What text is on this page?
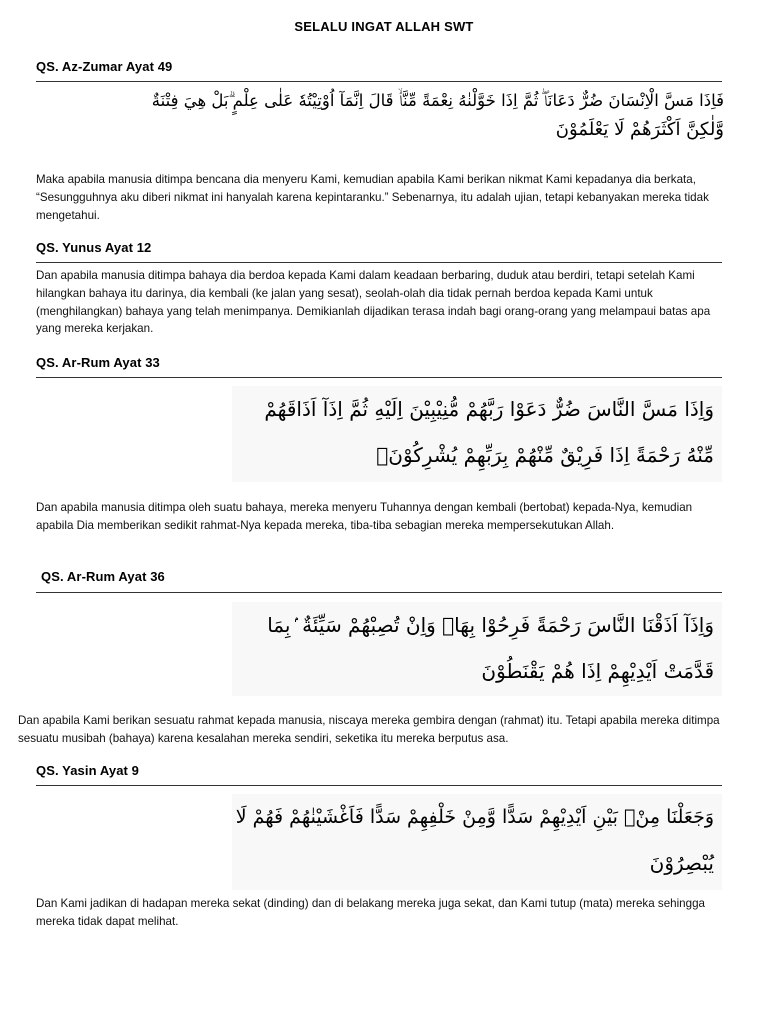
SELALU INGAT ALLAH SWT
QS. Az-Zumar Ayat 49
فَاِذَا مَسَّ الْاِنْسَانَ ضُرٌّ دَعَانَاۖ ثُمَّ اِذَا خَوَّلْنٰهُ نِعْمَةً مِّنَّاۙ قَالَ اِنَّمَآ اُوْتِيْتُهٗ عَلٰى عِلْمٍ ۗبَلْ هِيَ فِتْنَةٌ
وَّلٰكِنَّ اَكْثَرَهُمْ لَا يَعْلَمُوْنَ
Maka apabila manusia ditimpa bencana dia menyeru Kami, kemudian apabila Kami berikan nikmat Kami kepadanya dia berkata, “Sesungguhnya aku diberi nikmat ini hanyalah karena kepintaranku.” Sebenarnya, itu adalah ujian, tetapi kebanyakan mereka tidak mengetahui.
QS. Yunus Ayat 12
Dan apabila manusia ditimpa bahaya dia berdoa kepada Kami dalam keadaan berbaring, duduk atau berdiri, tetapi setelah Kami hilangkan bahaya itu darinya, dia kembali (ke jalan yang sesat), seolah-olah dia tidak pernah berdoa kepada Kami untuk (menghilangkan) bahaya yang telah menimpanya. Demikianlah dijadikan terasa indah bagi orang-orang yang melampaui batas apa yang mereka kerjakan.
QS. Ar-Rum Ayat 33
وَاِذَا مَسَّ النَّاسَ ضُرٌّ دَعَوْا رَبَّهُمْ مُّنِيْبِيْنَ اِلَيْهِ ثُمَّ اِذَآ اَذَاقَهُمْ
مِّنْهُ رَحْمَةً اِذَا فَرِيْقٌ مِّنْهُمْ بِرَبِّهِمْ يُشْرِكُوْنَۙ
Dan apabila manusia ditimpa oleh suatu bahaya, mereka menyeru Tuhannya dengan kembali (bertobat) kepada-Nya, kemudian apabila Dia memberikan sedikit rahmat-Nya kepada mereka, tiba-tiba sebagian mereka mempersekutukan Allah.
QS. Ar-Rum Ayat 36
وَاِذَآ اَذَقْنَا النَّاسَ رَحْمَةً فَرِحُوْا بِهَاۗ وَاِنْ تُصِبْهُمْ سَيِّئَةٌ ۢبِمَا
قَدَّمَتْ اَيْدِيْهِمْ اِذَا هُمْ يَقْنَطُوْنَ
Dan apabila Kami berikan sesuatu rahmat kepada manusia, niscaya mereka gembira dengan (rahmat) itu. Tetapi apabila mereka ditimpa sesuatu musibah (bahaya) karena kesalahan mereka sendiri, seketika itu mereka berputus asa.
QS. Yasin Ayat 9
وَجَعَلْنَا مِنْۢ بَيْنِ اَيْدِيْهِمْ سَدًّا وَّمِنْ خَلْفِهِمْ سَدًّا فَاَغْشَيْنٰهُمْ فَهُمْ لَا
يُبْصِرُوْنَ
Dan Kami jadikan di hadapan mereka sekat (dinding) dan di belakang mereka juga sekat, dan Kami tutup (mata) mereka sehingga mereka tidak dapat melihat.
